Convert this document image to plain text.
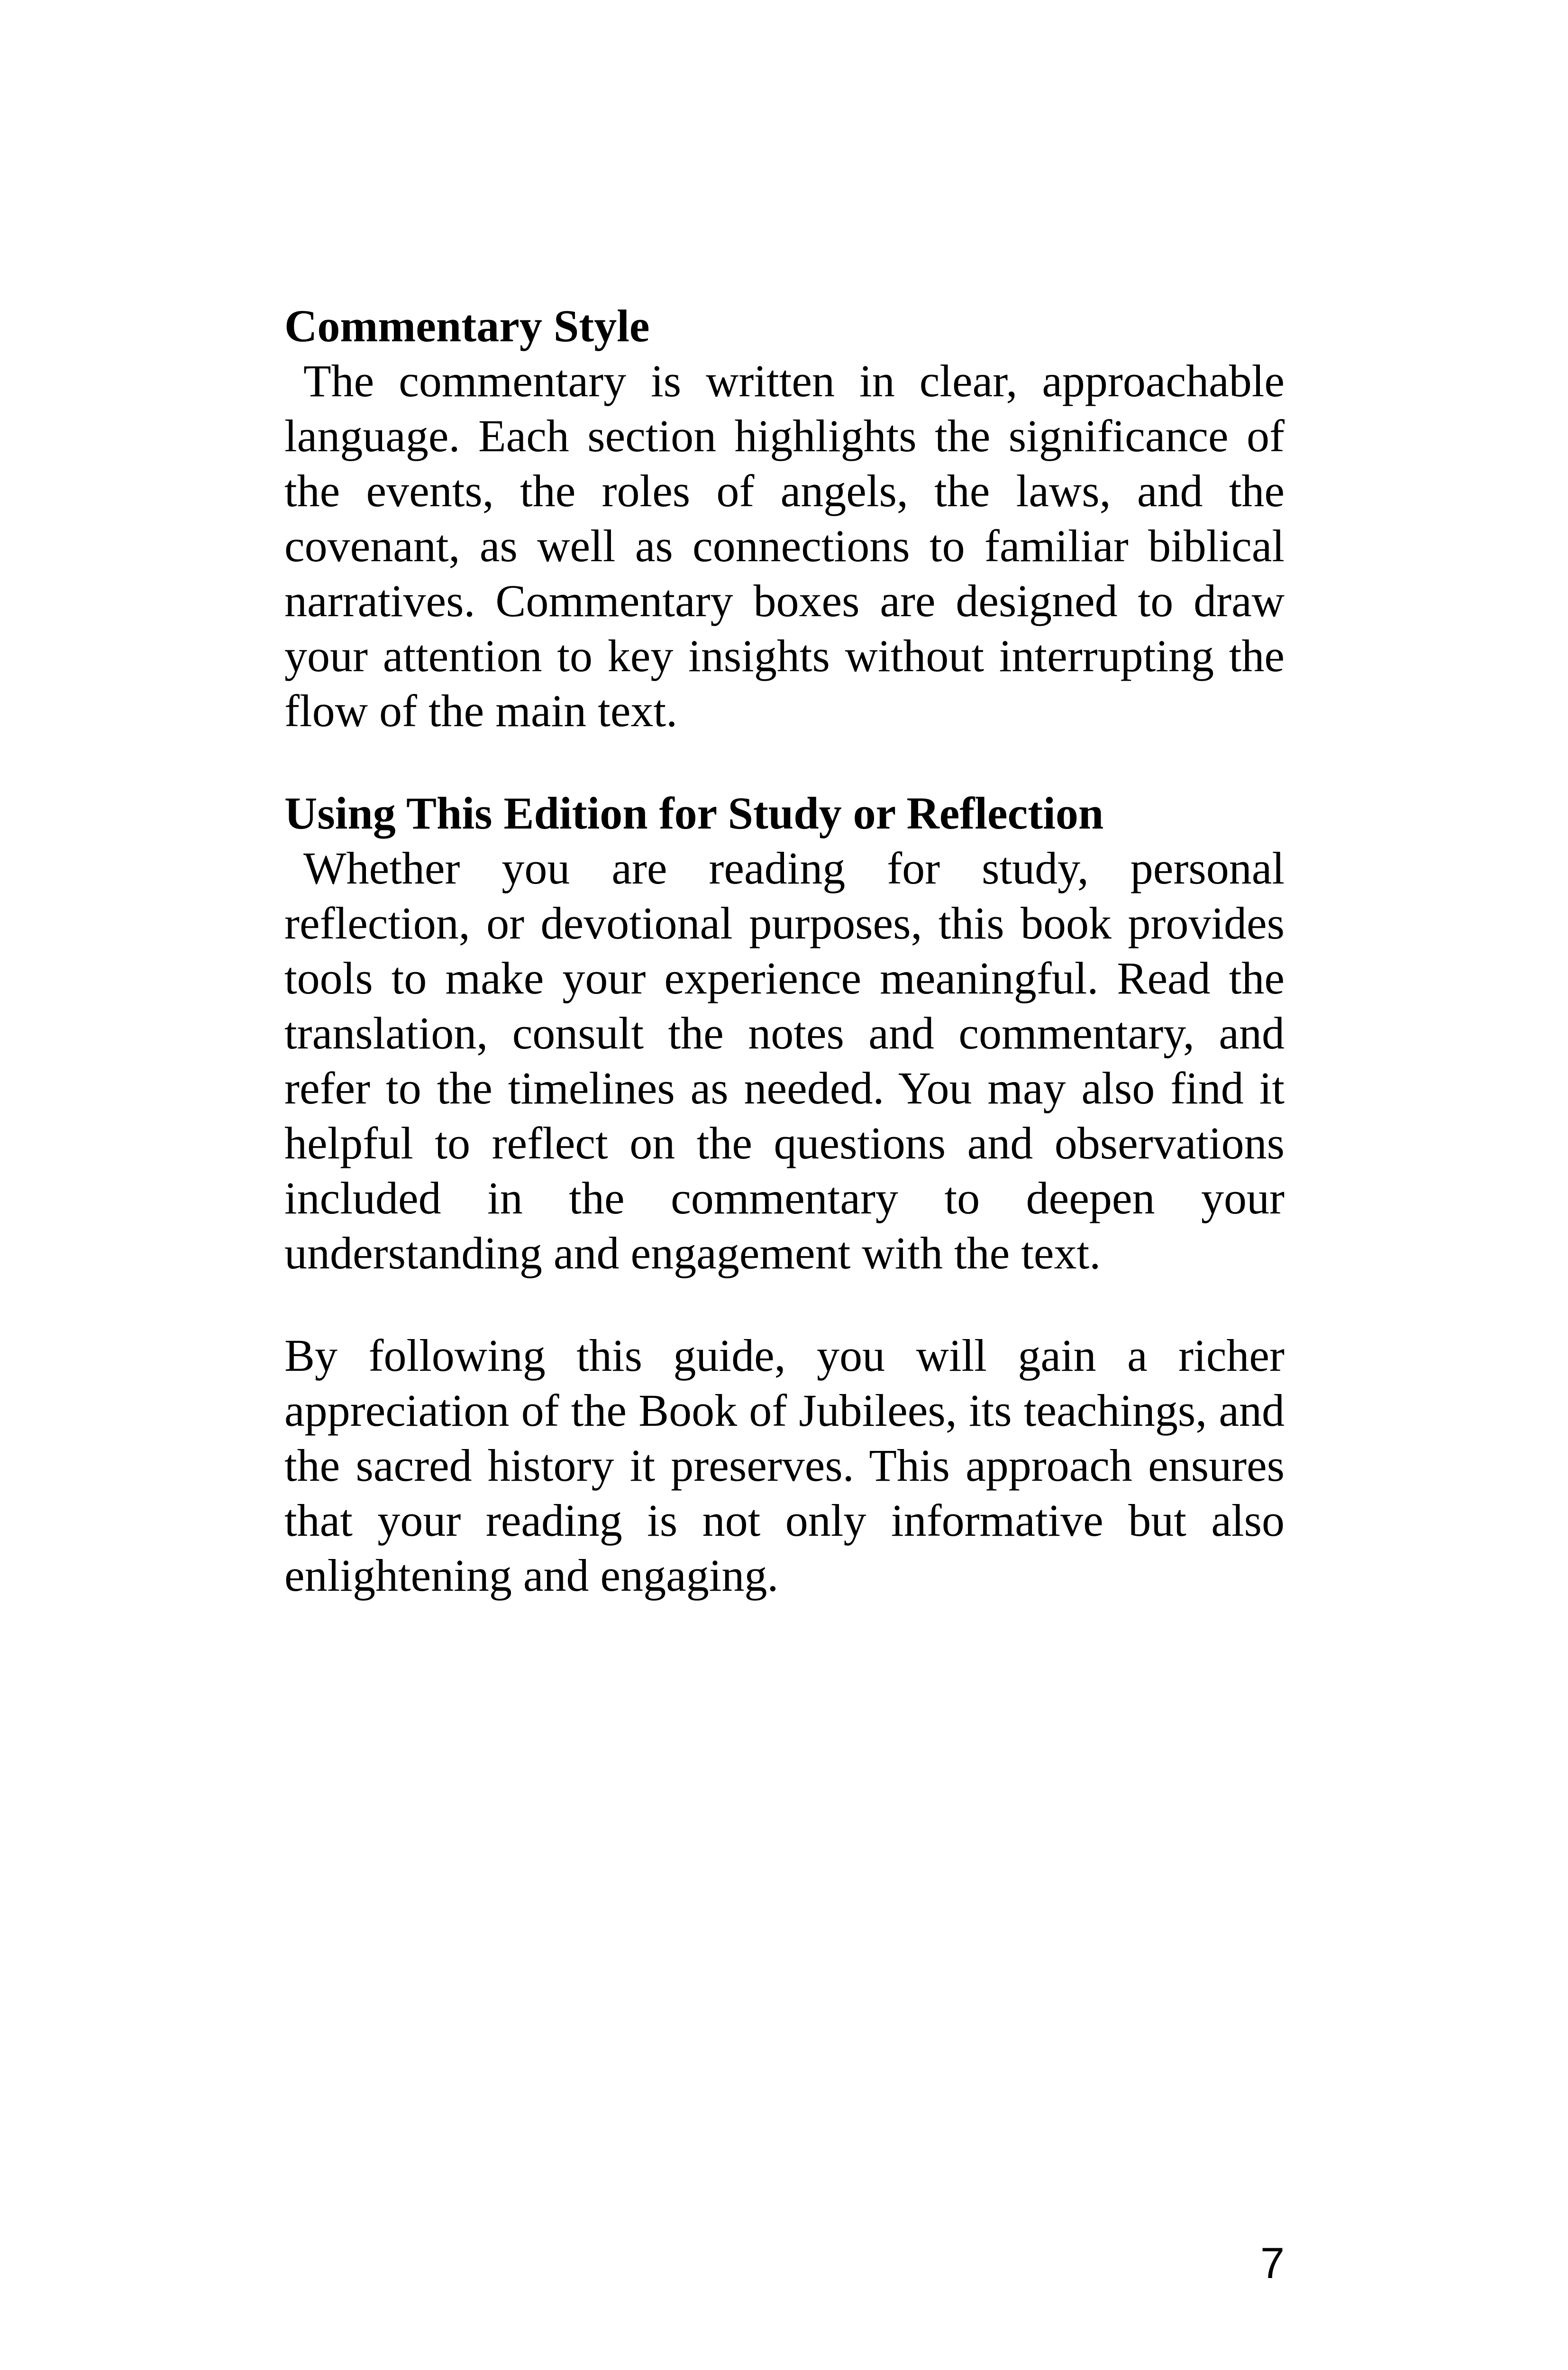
Commentary Style

The commentary is written in clear, approachable language. Each section highlights the significance of the events, the roles of angels, the laws, and the covenant, as well as connections to familiar biblical narratives. Commentary boxes are designed to draw your attention to key insights without interrupting the flow of the main text.

Using This Edition for Study or Reflection

Whether you are reading for study, personal reflection, or devotional purposes, this book provides tools to make your experience meaningful. Read the translation, consult the notes and commentary, and refer to the timelines as needed. You may also find it helpful to reflect on the questions and observations included in the commentary to deepen your understanding and engagement with the text.

By following this guide, you will gain a richer appreciation of the Book of Jubilees, its teachings, and the sacred history it preserves. This approach ensures that your reading is not only informative but also enlightening and engaging.

7
